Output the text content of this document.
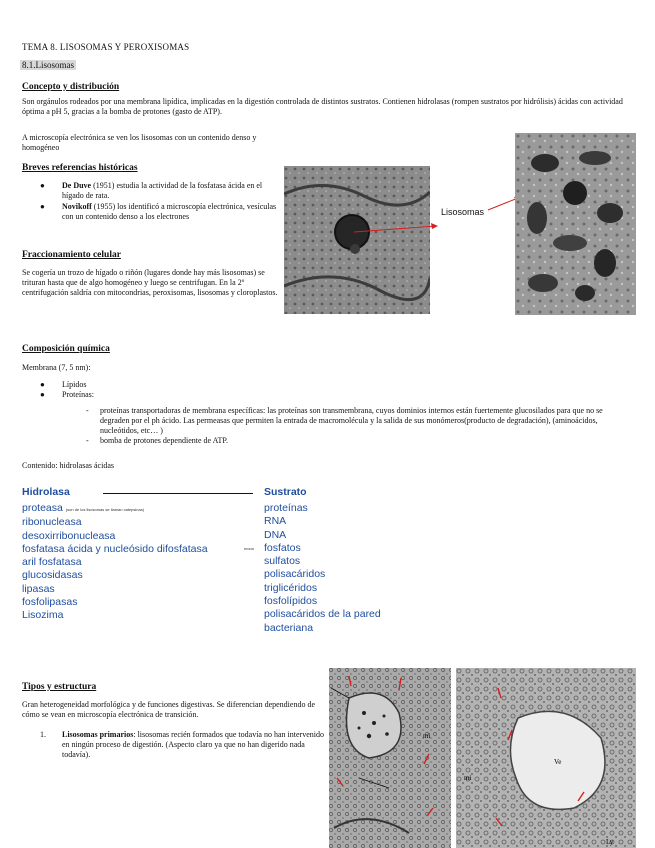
TEMA 8. LISOSOMAS Y PEROXISOMAS
8.1.Lisosomas
Concepto y distribución
Son orgánulos rodeados por una membrana lipídica, implicadas en la digestión controlada de distintos sustratos. Contienen hidrolasas (rompen sustratos por hidrólisis) ácidas con actividad óptima a pH 5, gracias a la bomba de protones (gasto de ATP).
A microscopía electrónica se ven los lisosomas con un contenido denso y homogéneo
Breves referencias históricas
● De Duve (1951) estudia la actividad de la fosfatasa ácida en el hígado de rata.
● Novikoff (1955) los identificó a microscopía electrónica, vesículas con un contenido denso a los electrones
Fraccionamiento celular
Se cogería un trozo de hígado o riñón (lugares donde hay más lisosomas) se trituran hasta que de algo homogéneo y luego se centrifugan. En la 2º centrifugación saldría con mitocondrias, peroxisomas, lisosomas y cloroplastos.
Lisosomas
Composición química
Membrana (7, 5 nm):
● Lípidos
● Proteínas:
- proteínas transportadoras de membrana específicas: las proteínas son transmembrana, cuyos dominios internos están fuertemente glucosilados para que no se degraden por el ph ácido. Las permeasas que permiten la entrada de macromolécula y la salida de sus monómeros(producto de degradación), (aminoácidos, nucleótidos, etc… )
- bomba de protones dependiente de ATP.
Contenido: hidrolasas ácidas
Hidrolasa	Sustrato
proteasa (son de los lisosomas se llaman catepsinas)
ribonucleasa
desoxirribonucleasa
fosfatasa ácida y nucleósido difosfatasa
aril fosfatasa
glucosidasas
lipasas
fosfolipasas
Lisozima
proteínas
RNA
DNA
mono fosfatos
sulfatos
polisacáridos
triglicéridos
fosfolípidos
polisacáridos de la pared bacteriana
Tipos y estructura
Gran heterogeneidad morfológica y de funciones digestivas. Se diferencian dependiendo de cómo se vean en microscopía electrónica de transición.
1. Lisosomas primarios: lisosomas recién formados que todavía no han intervenido en ningún proceso de digestión. (Aspecto claro ya que no han digerido nada todavía).
mi
Ve
mi
Ly
